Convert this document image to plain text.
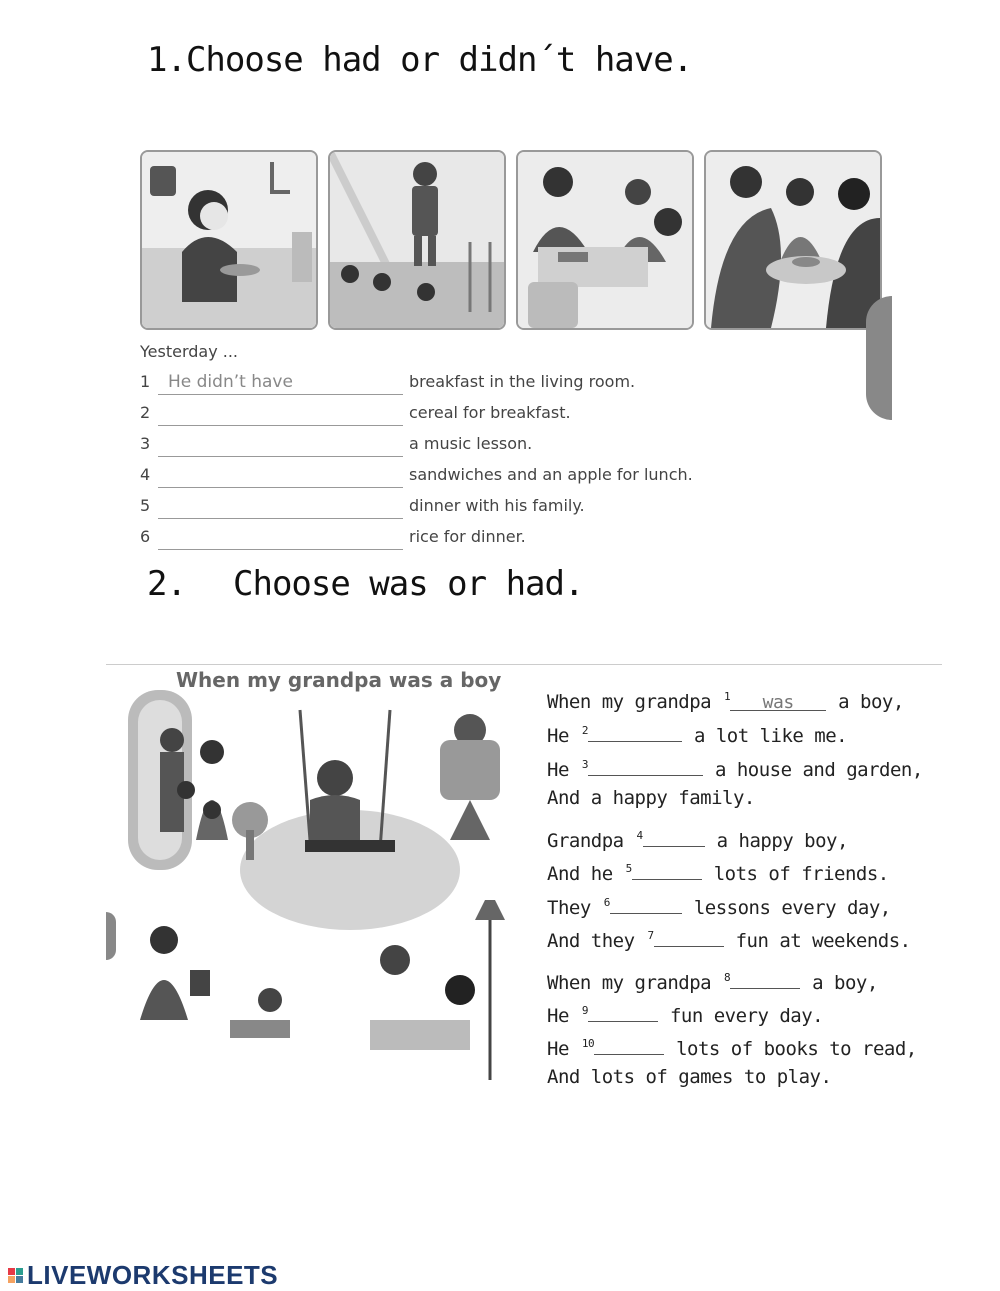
1.Choose had or didn´t have.
Yesterday ...
1	He didn’t have	breakfast in the living room.
2	cereal for breakfast.
3	a music lesson.
4	sandwiches and an apple for lunch.
5	dinner with his family.
6	rice for dinner.
2. Choose was or had.
When my grandpa was a boy
When my grandpa $^1$ was a boy,
He $^2$	a lot like me.
He $^3$	a house and garden,
And a happy family.
Grandpa $^4$	a happy boy,
And he $^5$	lots of friends.
They $^6$	lessons every day,
And they $^7$	fun at weekends.
When my grandpa $^8$	a boy,
He $^9$	fun every day.
He $^{10}$	lots of books to read,
And lots of games to play.
LIVEWORKSHEETS
